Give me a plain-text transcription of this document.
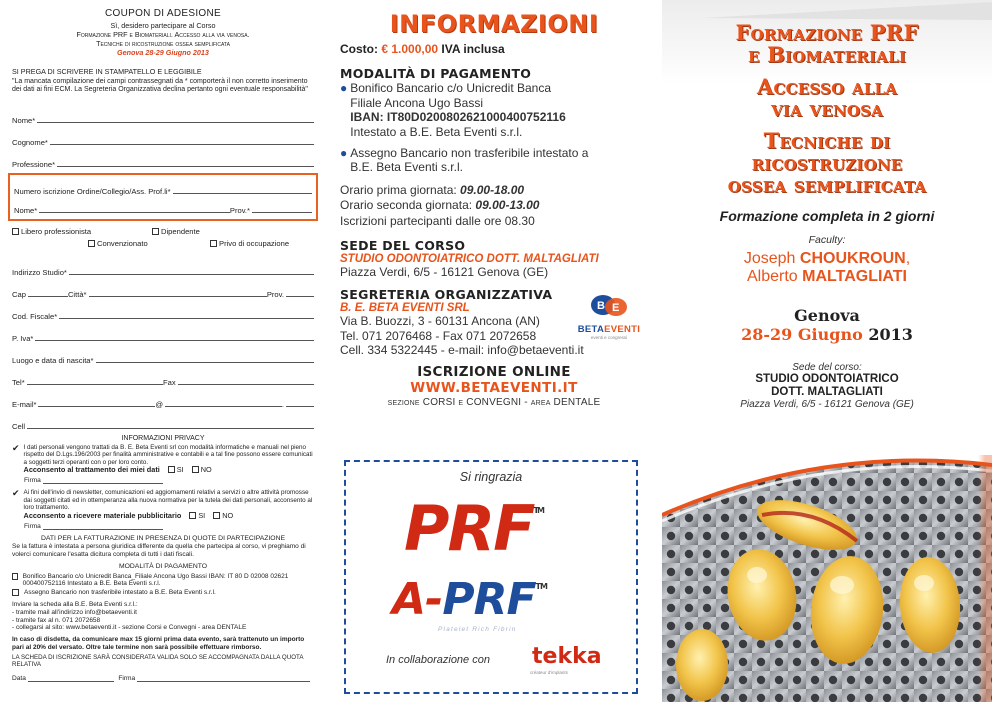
COUPON DI ADESIONE
Sì, desidero partecipare al Corso
Formazione PRF e Biomateriali. Accesso alla via venosa.
Tecniche di ricostruzione ossea semplificata
Genova 28-29 Giugno 2013
SI PREGA DI SCRIVERE IN STAMPATELLO E LEGGIBILE
"La mancata compilazione dei campi contrassegnati da * comporterà il non corretto inserimento dei dati ai fini ECM. La Segreteria Organizzativa declina pertanto ogni eventuale responsabilità"
Nome*
Cognome*
Professione*
Numero iscrizione Ordine/Collegio/Ass. Prof.li*
Nome*	Prov.*
Libero professionista	Dipendente
Convenzionato	Privo di occupazione
Indirizzo Studio*
Cap	Città*	Prov.
Cod. Fiscale*
P. Iva*
Luogo e data di nascita*
Tel*	Fax
E-mail*	@	.
Cell
INFORMAZIONI PRIVACY
✔ I dati personali vengono trattati da B. E. Beta Eventi srl con modalità informatiche e manuali nel pieno rispetto del D.Lgs.196/2003 per finalità amministrative e contabili e a tal fine possono essere comunicati a soggetti terzi operanti con o per loro conto.
Acconsento al trattamento dei miei dati SI NO
Firma
✔ Ai fini dell'invio di newsletter, comunicazioni ed aggiornamenti relativi a servizi o altre attività promosse dai soggetti citati ed in ottemperanza alla nuova normativa per la tutela dei dati personali, acconsento al loro trattamento.
Acconsento a ricevere materiale pubblicitario SI NO
Firma
DATI PER LA FATTURAZIONE IN PRESENZA DI QUOTE DI PARTECIPAZIONE
Se la fattura è intestata a persona giuridica differente da quella che partecipa al corso, vi preghiamo di volerci comunicare l'esatta dicitura completa di tutti i dati fiscali.
MODALITÀ DI PAGAMENTO
Bonifico Bancario c/o Unicredit Banca_Filiale Ancona Ugo Bassi IBAN: IT 80 D 02008 02621 000400752116 Intestato a B.E. Beta Eventi s.r.l.
Assegno Bancario non trasferibile intestato a B.E. Beta Eventi s.r.l.
Inviare la scheda alla B.E. Beta Eventi s.r.l.:
- tramite mail all'indirizzo info@betaeventi.it
- tramite fax al n. 071 2072658
- collegarsi al sito: www.betaeventi.it - sezione Corsi e Convegni - area DENTALE
In caso di disdetta, da comunicare max 15 giorni prima data evento, sarà trattenuto un importo pari al 20% del versato. Oltre tale termine non sarà possibile effettuare rimborso.
LA SCHEDA DI ISCRIZIONE SARÀ CONSIDERATA VALIDA SOLO SE ACCOMPAGNATA DALLA QUOTA RELATIVA
Data	Firma
INFORMAZIONI
Costo: € 1.000,00 IVA inclusa
MODALITÀ DI PAGAMENTO
● Bonifico Bancario c/o Unicredit Banca
Filiale Ancona Ugo Bassi
IBAN: IT80D0200802621000400752116
Intestato a B.E. Beta Eventi s.r.l.
● Assegno Bancario non trasferibile intestato a
B.E. Beta Eventi s.r.l.
Orario prima giornata: 09.00-18.00
Orario seconda giornata: 09.00-13.00
Iscrizioni partecipanti dalle ore 08.30
SEDE DEL CORSO
STUDIO ODONTOIATRICO DOTT. MALTAGLIATI
Piazza Verdi, 6/5 - 16121 Genova (GE)
SEGRETERIA ORGANIZZATIVA
B. E. BETA EVENTI SRL
Via B. Buozzi, 3 - 60131 Ancona (AN)
Tel. 071 2076468 - Fax 071 2072658
Cell. 334 5322445 - e-mail: info@betaeventi.it
B E
BETAEVENTI
eventi e congressi
ISCRIZIONE ONLINE
WWW.BETAEVENTI.IT
sezione CORSI e CONVEGNI - area DENTALE
Si ringrazia
PRF™
A-PRF™
Platelet Rich Fibrin
In collaborazione con tekka
créateur d'implants
Formazione PRF
e Biomateriali
Accesso alla
via venosa
Tecniche di
ricostruzione
ossea semplificata
Formazione completa in 2 giorni
Faculty:
Joseph CHOUKROUN,
Alberto MALTAGLIATI
Genova
28-29 Giugno 2013
Sede del corso:
STUDIO ODONTOIATRICO
DOTT. MALTAGLIATI
Piazza Verdi, 6/5 - 16121 Genova (GE)
